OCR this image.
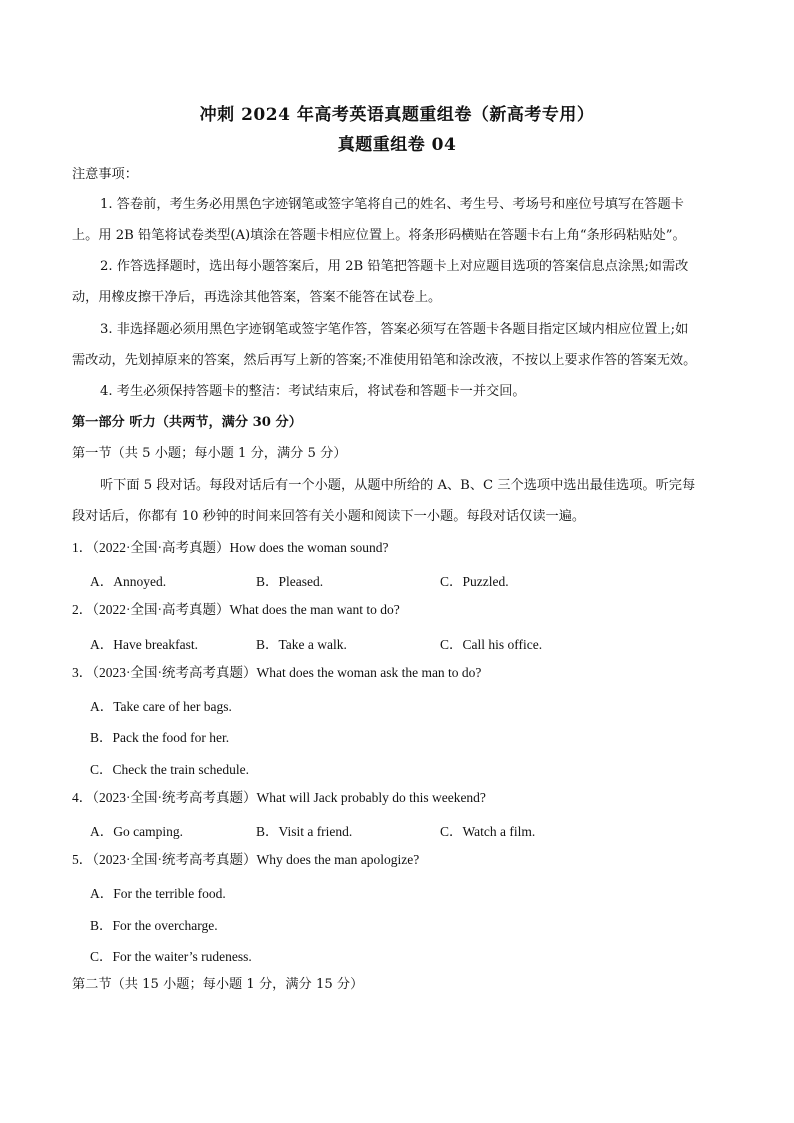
冲刺 2024 年高考英语真题重组卷（新高考专用）
真题重组卷 04
注意事项：
1. 答卷前，考生务必用黑色字迹钢笔或签字笔将自己的姓名、考生号、考场号和座位号填写在答题卡
上。用 2B 铅笔将试卷类型(A)填涂在答题卡相应位置上。将条形码横贴在答题卡右上角“条形码粘贴处”。
2. 作答选择题时，选出每小题答案后，用 2B 铅笔把答题卡上对应题目选项的答案信息点涂黑;如需改
动，用橡皮擦干净后，再选涂其他答案，答案不能答在试卷上。
3. 非选择题必须用黑色字迹钢笔或签字笔作答，答案必须写在答题卡各题目指定区域内相应位置上;如
需改动，先划掉原来的答案，然后再写上新的答案;不准使用铅笔和涂改液，不按以上要求作答的答案无效。
4. 考生必须保持答题卡的整洁：考试结束后，将试卷和答题卡一并交回。
第一部分 听力（共两节，满分 30 分）
第一节（共 5 小题；每小题 1 分，满分 5 分）
听下面 5 段对话。每段对话后有一个小题，从题中所给的 A、B、C 三个选项中选出最佳选项。听完每
段对话后，你都有 10 秒钟的时间来回答有关小题和阅读下一小题。每段对话仅读一遍。
1．（2022·全国·高考真题）How does the woman sound?
A．Annoyed.	B．Pleased.	C．Puzzled.
2．（2022·全国·高考真题）What does the man want to do?
A．Have breakfast.	B．Take a walk.	C．Call his office.
3．（2023·全国·统考高考真题）What does the woman ask the man to do?
A．Take care of her bags.
B．Pack the food for her.
C．Check the train schedule.
4．（2023·全国·统考高考真题）What will Jack probably do this weekend?
A．Go camping.	B．Visit a friend.	C．Watch a film.
5．（2023·全国·统考高考真题）Why does the man apologize?
A．For the terrible food.
B．For the overcharge.
C．For the waiter’s rudeness.
第二节（共 15 小题；每小题 1 分，满分 15 分）
